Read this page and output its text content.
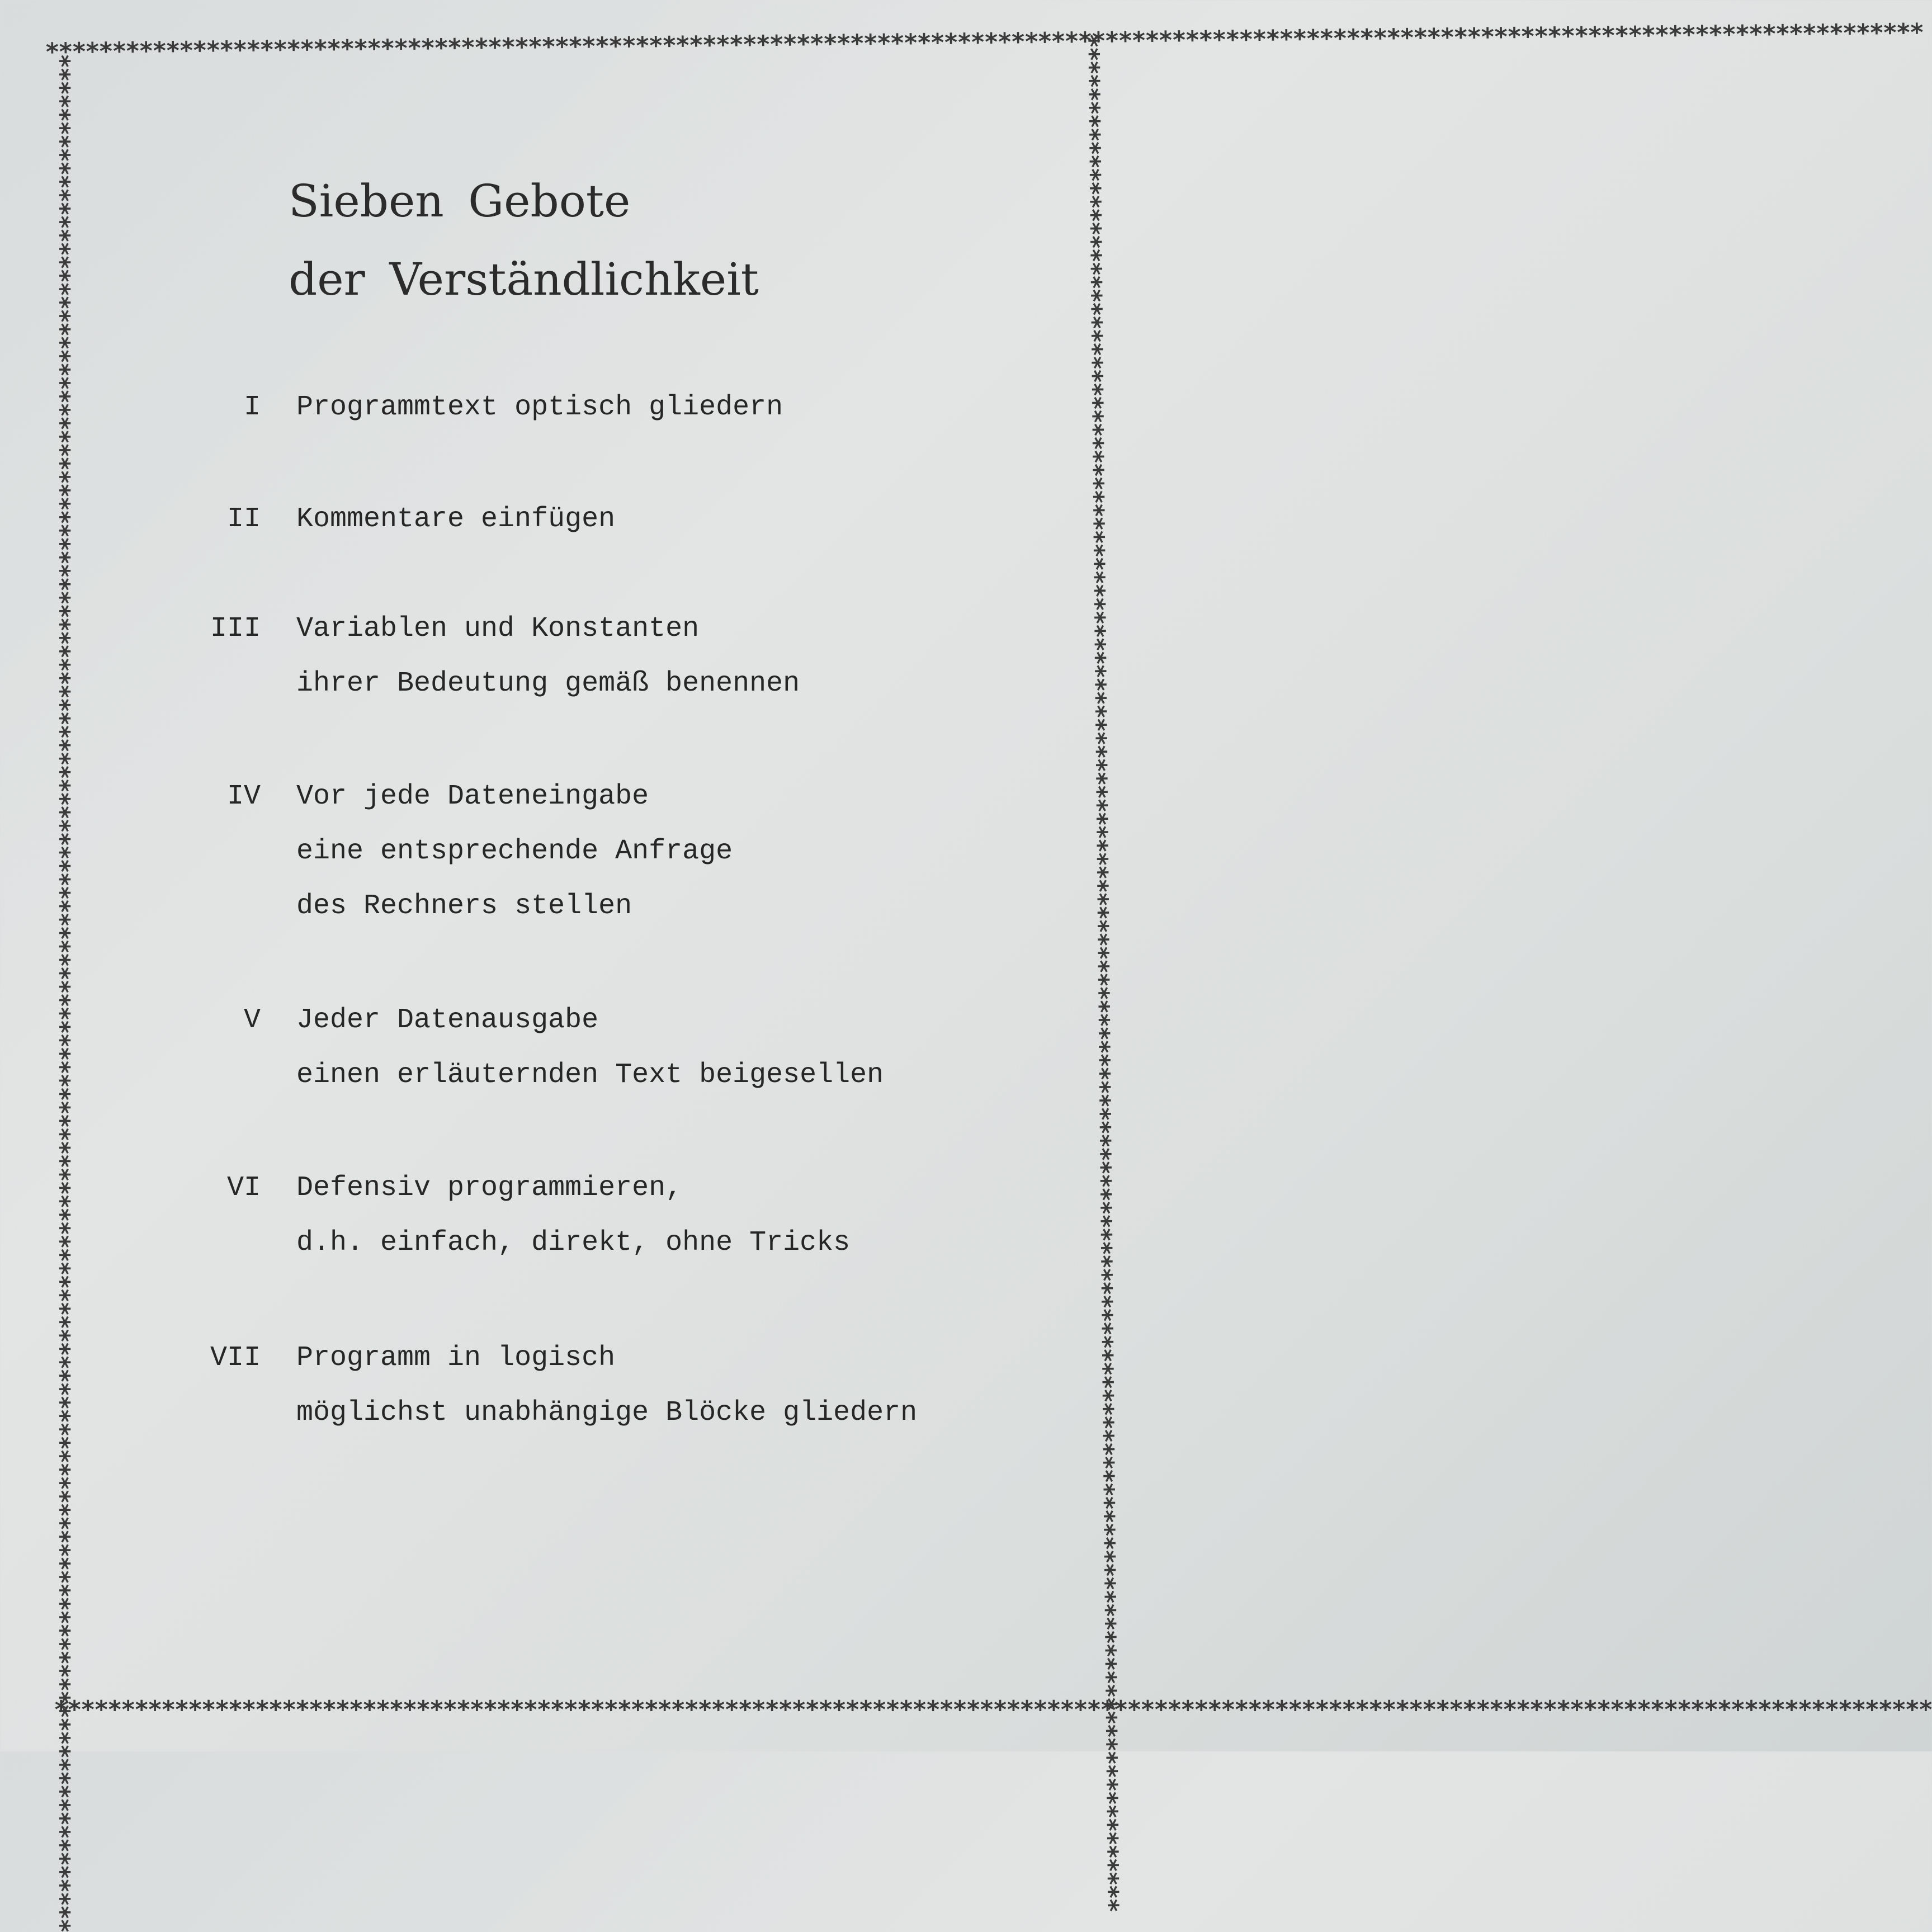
********************************************************************************************************************************************
********************************************************************************************************************************************	********************************************************************************************************************************************
********************************************************************************************************************************************
Sieben Gebote
der Verständlichkeit
I Programmtext optisch gliedern
II Kommentare einfügen
III Variablen und Konstanten
ihrer Bedeutung gemäß benennen
IV Vor jede Dateneingabe
eine entsprechende Anfrage
des Rechners stellen
V Jeder Datenausgabe
einen erläuternden Text beigesellen
VI Defensiv programmieren,
d.h. einfach, direkt, ohne Tricks
VII Programm in logisch
möglichst unabhängige Blöcke gliedern
